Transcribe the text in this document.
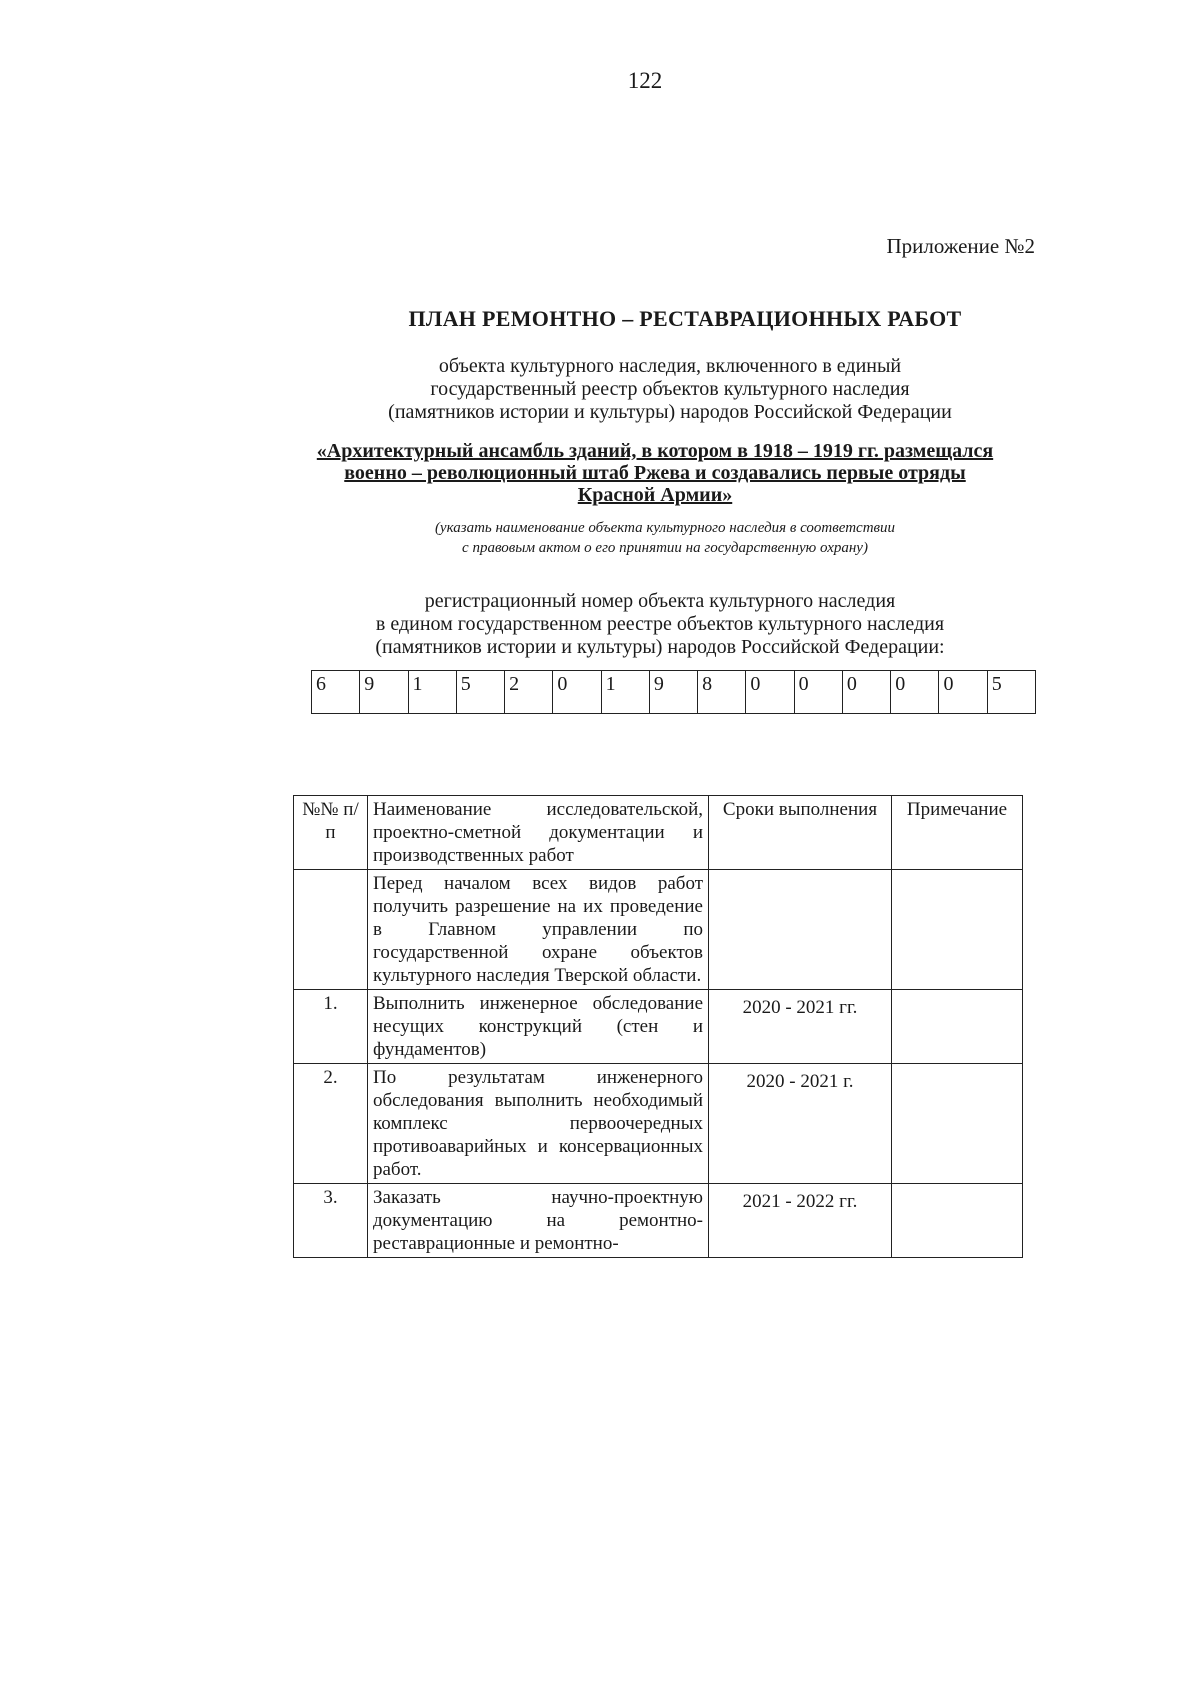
122
Приложение №2
ПЛАН РЕМОНТНО – РЕСТАВРАЦИОННЫХ РАБОТ
объекта культурного наследия, включенного в единый
государственный реестр объектов культурного наследия
(памятников истории и культуры) народов Российской Федерации
«Архитектурный ансамбль зданий, в котором в 1918 – 1919 гг. размещался
военно – революционный штаб Ржева и создавались первые отряды
Красной Армии»
(указать наименование объекта культурного наследия в соответствии
с правовым актом о его принятии на государственную охрану)
регистрационный номер объекта культурного наследия
в едином государственном реестре объектов культурного наследия
(памятников истории и культуры) народов Российской Федерации:
6	9	1	5	2	0	1	9	8	0	0	0	0	0	5
№№ п/п	Наименование исследовательской, проектно-сметной документации и производственных работ	Сроки выполнения	Примечание
	Перед началом всех видов работ получить разрешение на их проведение в Главном управлении по государственной охране объектов культурного наследия Тверской области.		
1.	Выполнить инженерное обследование несущих конструкций (стен и фундаментов)	2020 - 2021 гг.	
2.	По результатам инженерного обследования выполнить необходимый комплекс первоочередных противоаварийных и консервационных работ.	2020 - 2021 г.	
3.	Заказать научно-проектную документацию на ремонтно-реставрационные и ремонтно-	2021 - 2022 гг.	
